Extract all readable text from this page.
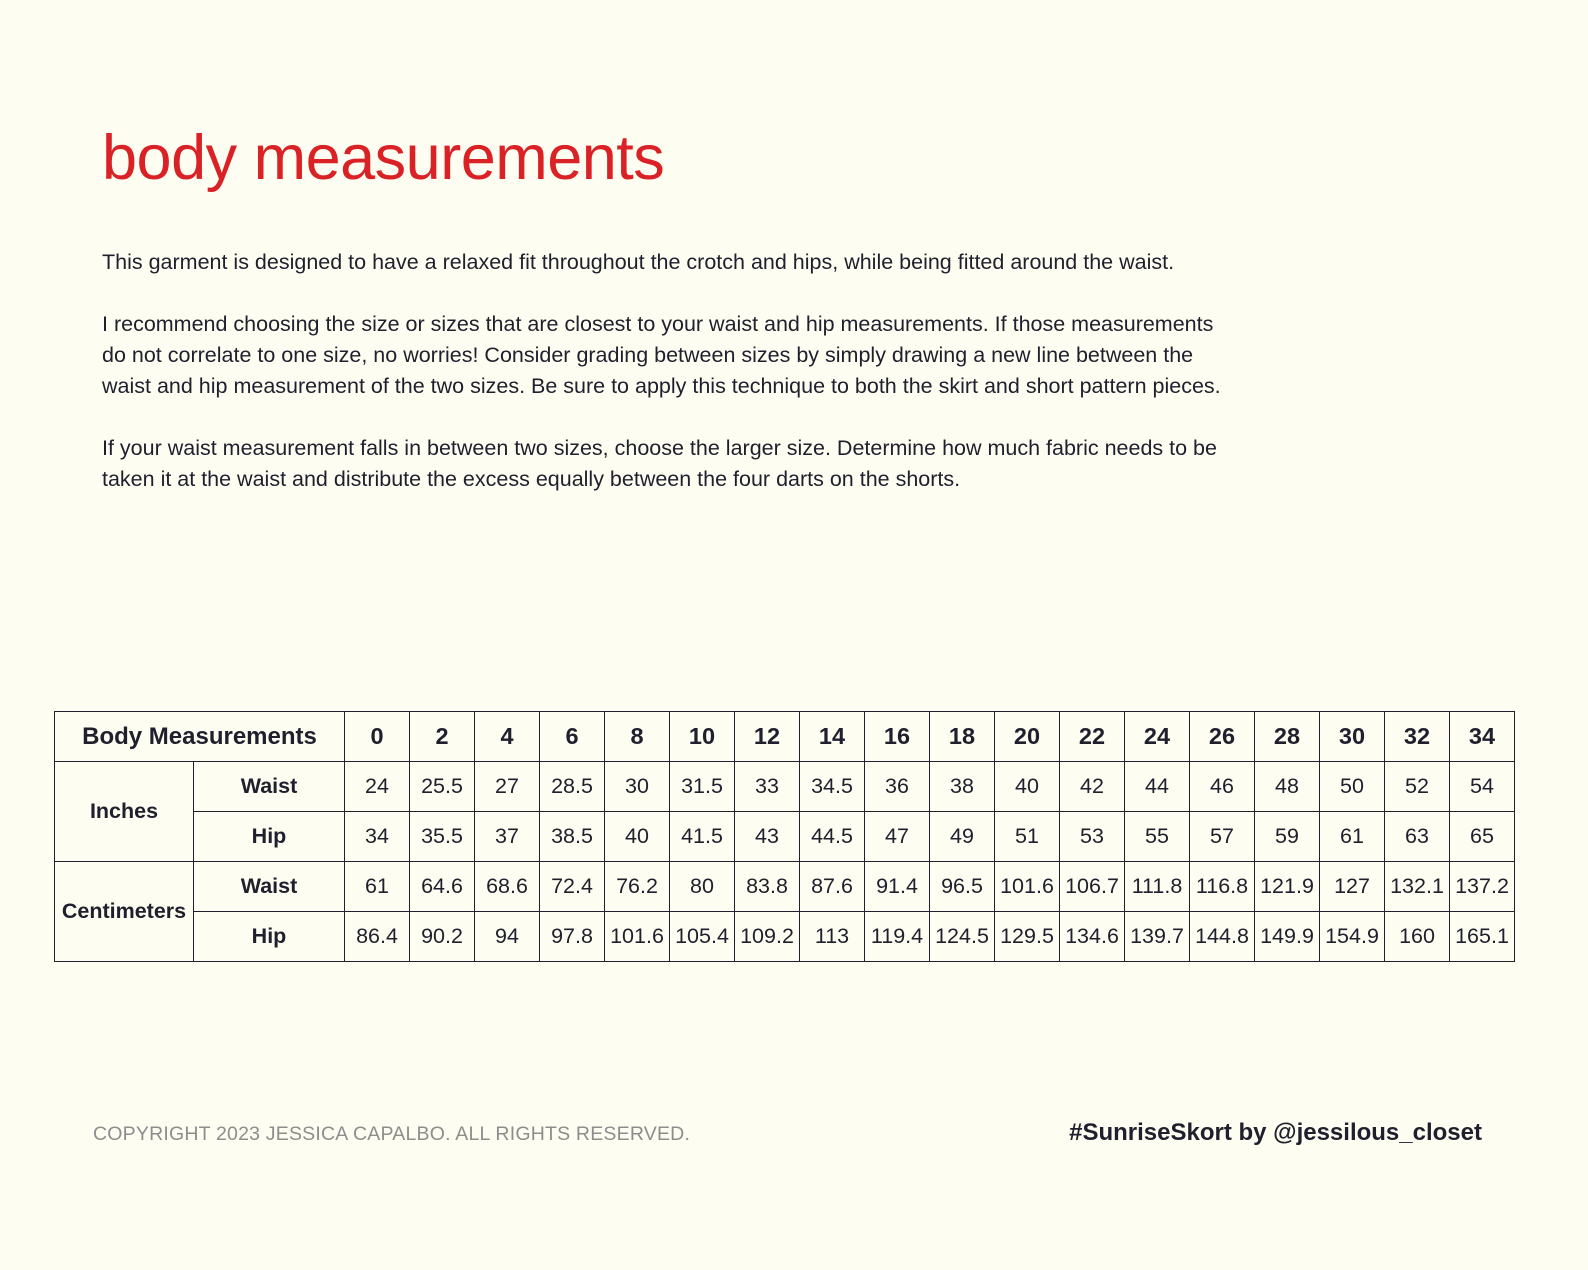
body measurements

This garment is designed to have a relaxed fit throughout the crotch and hips, while being fitted around the waist.

I recommend choosing the size or sizes that are closest to your waist and hip measurements. If those measurements do not correlate to one size, no worries! Consider grading between sizes by simply drawing a new line between the waist and hip measurement of the two sizes. Be sure to apply this technique to both the skirt and short pattern pieces.

If your waist measurement falls in between two sizes, choose the larger size. Determine how much fabric needs to be taken it at the waist and distribute the excess equally between the four darts on the shorts.

Body Measurements		0	2	4	6	8	10	12	14	16	18	20	22	24	26	28	30	32	34
Inches	Waist	24	25.5	27	28.5	30	31.5	33	34.5	36	38	40	42	44	46	48	50	52	54
	Hip	34	35.5	37	38.5	40	41.5	43	44.5	47	49	51	53	55	57	59	61	63	65
Centimeters	Waist	61	64.6	68.6	72.4	76.2	80	83.8	87.6	91.4	96.5	101.6	106.7	111.8	116.8	121.9	127	132.1	137.2
	Hip	86.4	90.2	94	97.8	101.6	105.4	109.2	113	119.4	124.5	129.5	134.6	139.7	144.8	149.9	154.9	160	165.1
COPYRIGHT 2023 JESSICA CAPALBO. ALL RIGHTS RESERVED.	#SunriseSkort by @jessilous_closet
